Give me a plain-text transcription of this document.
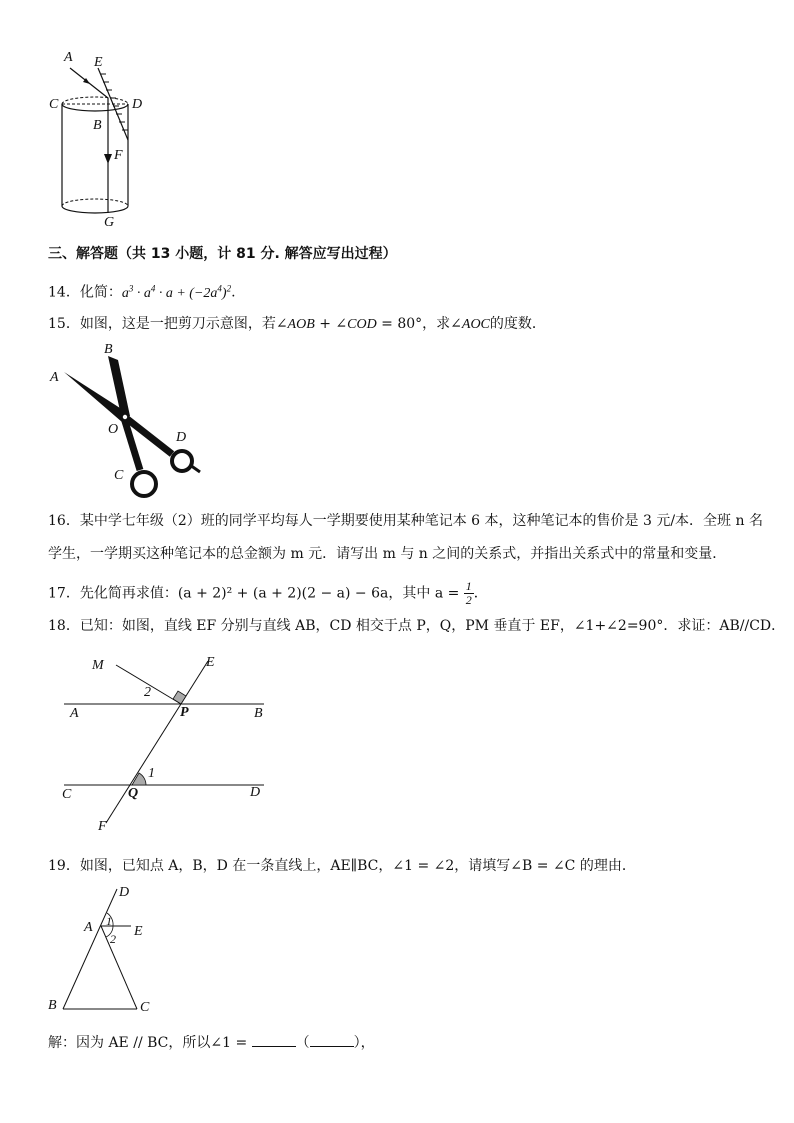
A E
C	D
B
F
G
三、解答题（共 13 小题，计 81 分. 解答应写出过程）
14．化简：$a^3 \cdot a^4 \cdot a + (-2a^4)^2$.
15．如图，这是一把剪刀示意图，若∠AOB + ∠COD = 80°，求∠AOC的度数．
A
B
O
D
C
16．某中学七年级（2）班的同学平均每人一学期要使用某种笔记本 6 本，这种笔记本的售价是 3 元/本．全班 n 名
学生，一学期买这种笔记本的总金额为 m 元．请写出 m 与 n 之间的关系式，并指出关系式中的常量和变量．
17．先化简再求值：(a + 2)² + (a + 2)(2 − a) − 6a，其中 $a = \frac{1}{2}$ ．
18．已知：如图，直线 EF 分别与直线 AB，CD 相交于点 P，Q，PM 垂直于 EF，∠1+∠2=90°．求证：AB//CD．
M	E
2
A	P	B
1
C	Q	D
F
19．如图，已知点 A，B，D 在一条直线上，AE∥BC，∠1 = ∠2，请填写∠B = ∠C 的理由．
D
A 1
2 E
B	C
解：因为 AE // BC，所以∠1 =	（	），
